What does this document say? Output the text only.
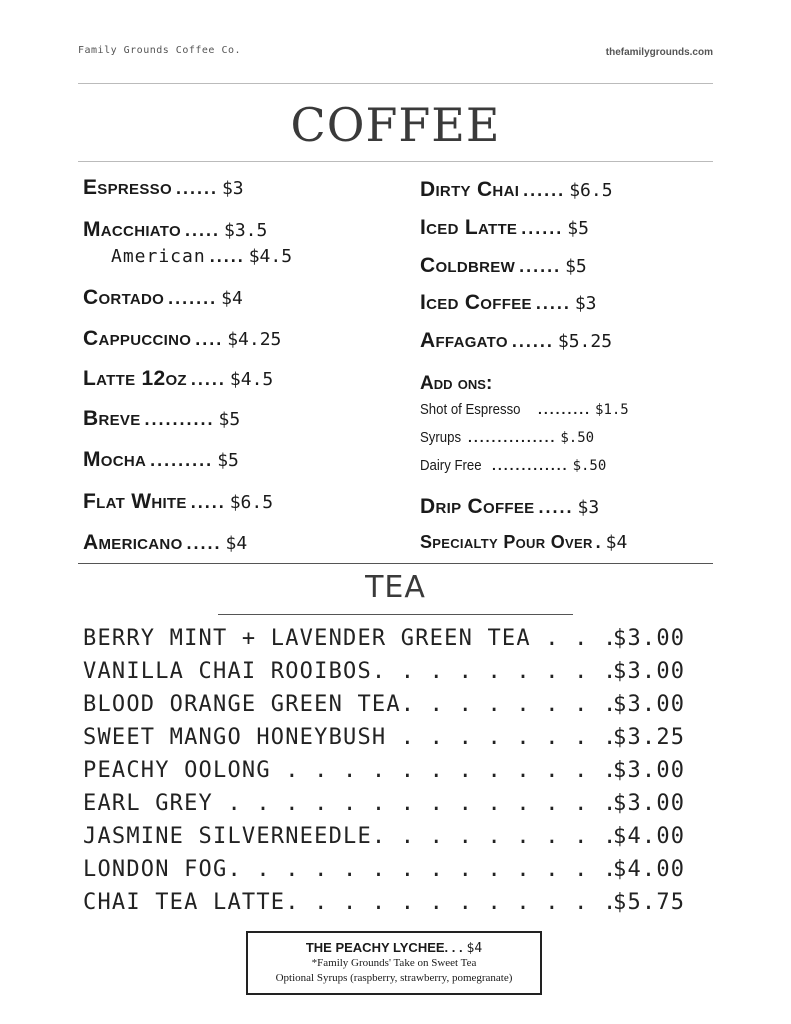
Family Grounds Coffee Co.	thefamilygrounds.com
COFFEE
Espresso ...... $3
Macchiato ..... $3.5
American ..... $4.5
Cortado ....... $4
Cappuccino .... $4.25
Latte 12oz ..... $4.5
Breve .......... $5
Mocha ......... $5
Flat White ..... $6.5
Americano ..... $4
Dirty Chai ...... $6.5
Iced Latte ...... $5
Coldbrew ...... $5
Iced Coffee ..... $3
Affagato ...... $5.25
Add ons:
Shot of Espresso ......... $1.5
Syrups ............... $.50
Dairy Free ............. $.50
Drip Coffee ..... $3
Specialty Pour Over . $4
TEA
BERRY MINT + LAVENDER GREEN TEA . . .
$3.00
VANILLA CHAI ROOIBOS. . . . . . . . .
$3.00
BLOOD ORANGE GREEN TEA. . . . . . . .
$3.00
SWEET MANGO HONEYBUSH . . . . . . . .
$3.25
PEACHY OOLONG . . . . . . . . . . . .
$3.00
EARL GREY . . . . . . . . . . . . . .
$3.00
JASMINE SILVERNEEDLE. . . . . . . . .
$4.00
LONDON FOG. . . . . . . . . . . . . .
$4.00
CHAI TEA LATTE. . . . . . . . . . . .
$5.75
THE PEACHY LYCHEE. . . $4
*Family Grounds' Take on Sweet Tea
Optional Syrups (raspberry, strawberry, pomegranate)
